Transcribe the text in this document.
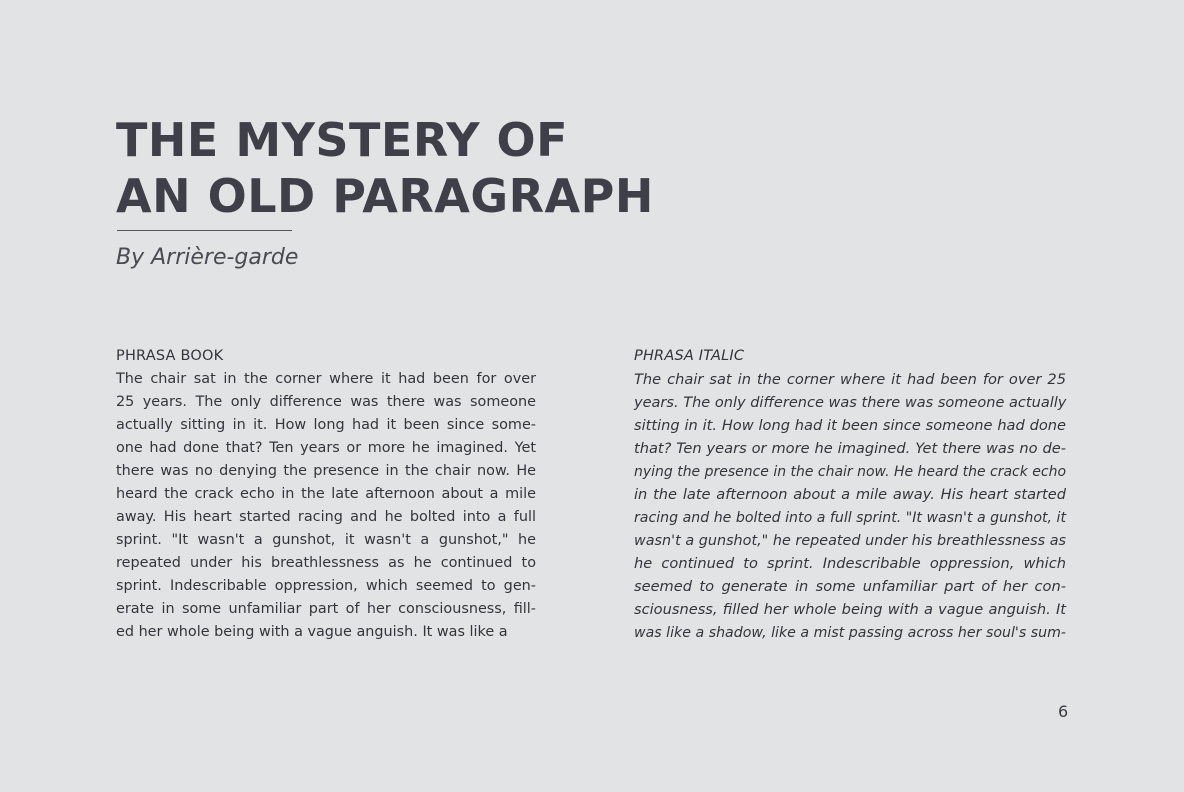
THE MYSTERY OF
AN OLD PARAGRAPH
By Arrière-garde
PHRASA BOOK
The chair sat in the corner where it had been for over
25 years. The only difference was there was someone
actually sitting in it. How long had it been since some-
one had done that? Ten years or more he imagined. Yet
there was no denying the presence in the chair now. He
heard the crack echo in the late afternoon about a mile
away. His heart started racing and he bolted into a full
sprint. "It wasn't a gunshot, it wasn't a gunshot," he
repeated under his breathlessness as he continued to
sprint. Indescribable oppression, which seemed to gen-
erate in some unfamiliar part of her consciousness, fill-
ed her whole being with a vague anguish. It was like a
PHRASA ITALIC
The chair sat in the corner where it had been for over 25
years. The only difference was there was someone actually
sitting in it. How long had it been since someone had done
that? Ten years or more he imagined. Yet there was no de-
nying the presence in the chair now. He heard the crack echo
in the late afternoon about a mile away. His heart started
racing and he bolted into a full sprint. "It wasn't a gunshot, it
wasn't a gunshot," he repeated under his breathlessness as
he continued to sprint. Indescribable oppression, which
seemed to generate in some unfamiliar part of her con-
sciousness, filled her whole being with a vague anguish. It
was like a shadow, like a mist passing across her soul's sum-
6
